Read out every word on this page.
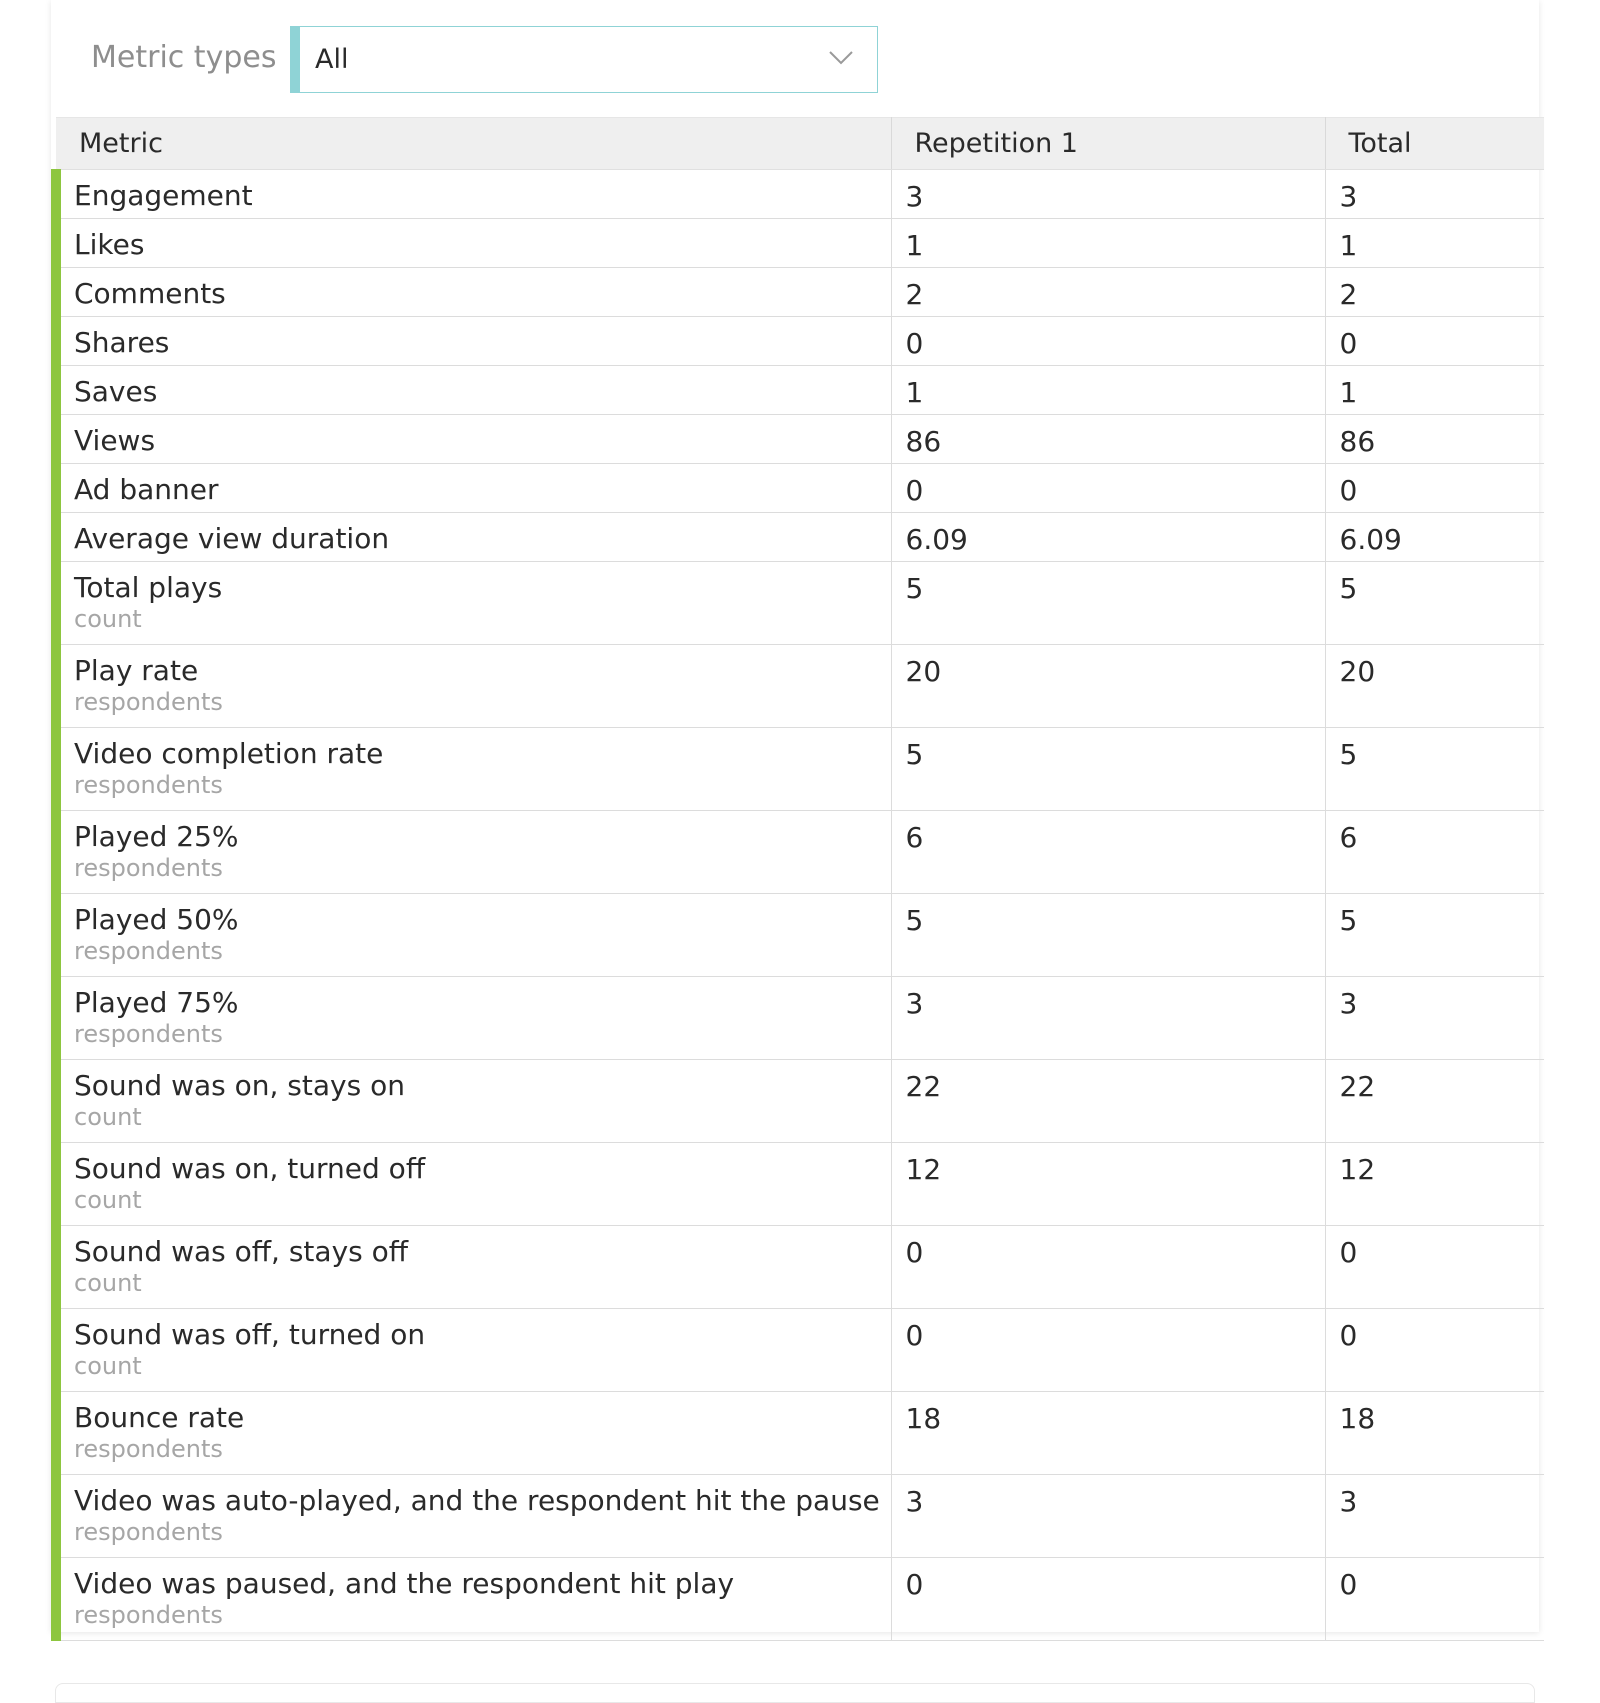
Metric types All
Metric	Repetition 1	Total

Engagement	3	3

Likes	1	1

Comments	2	2

Shares	0	0

Saves	1	1

Views	86	86

Ad banner	0	0

Average view duration	6.09	6.09

Total plays
count	5	5

Play rate
respondents	20	20

Video completion rate
respondents	5	5

Played 25%
respondents	6	6

Played 50%
respondents	5	5

Played 75%
respondents	3	3

Sound was on, stays on
count	22	22

Sound was on, turned off
count	12	12

Sound was off, stays off
count	0	0

Sound was off, turned on
count	0	0

Bounce rate
respondents	18	18

Video was auto-played, and the respondent hit the pause
respondents	3	3

Video was paused, and the respondent hit play
respondents	0	0
